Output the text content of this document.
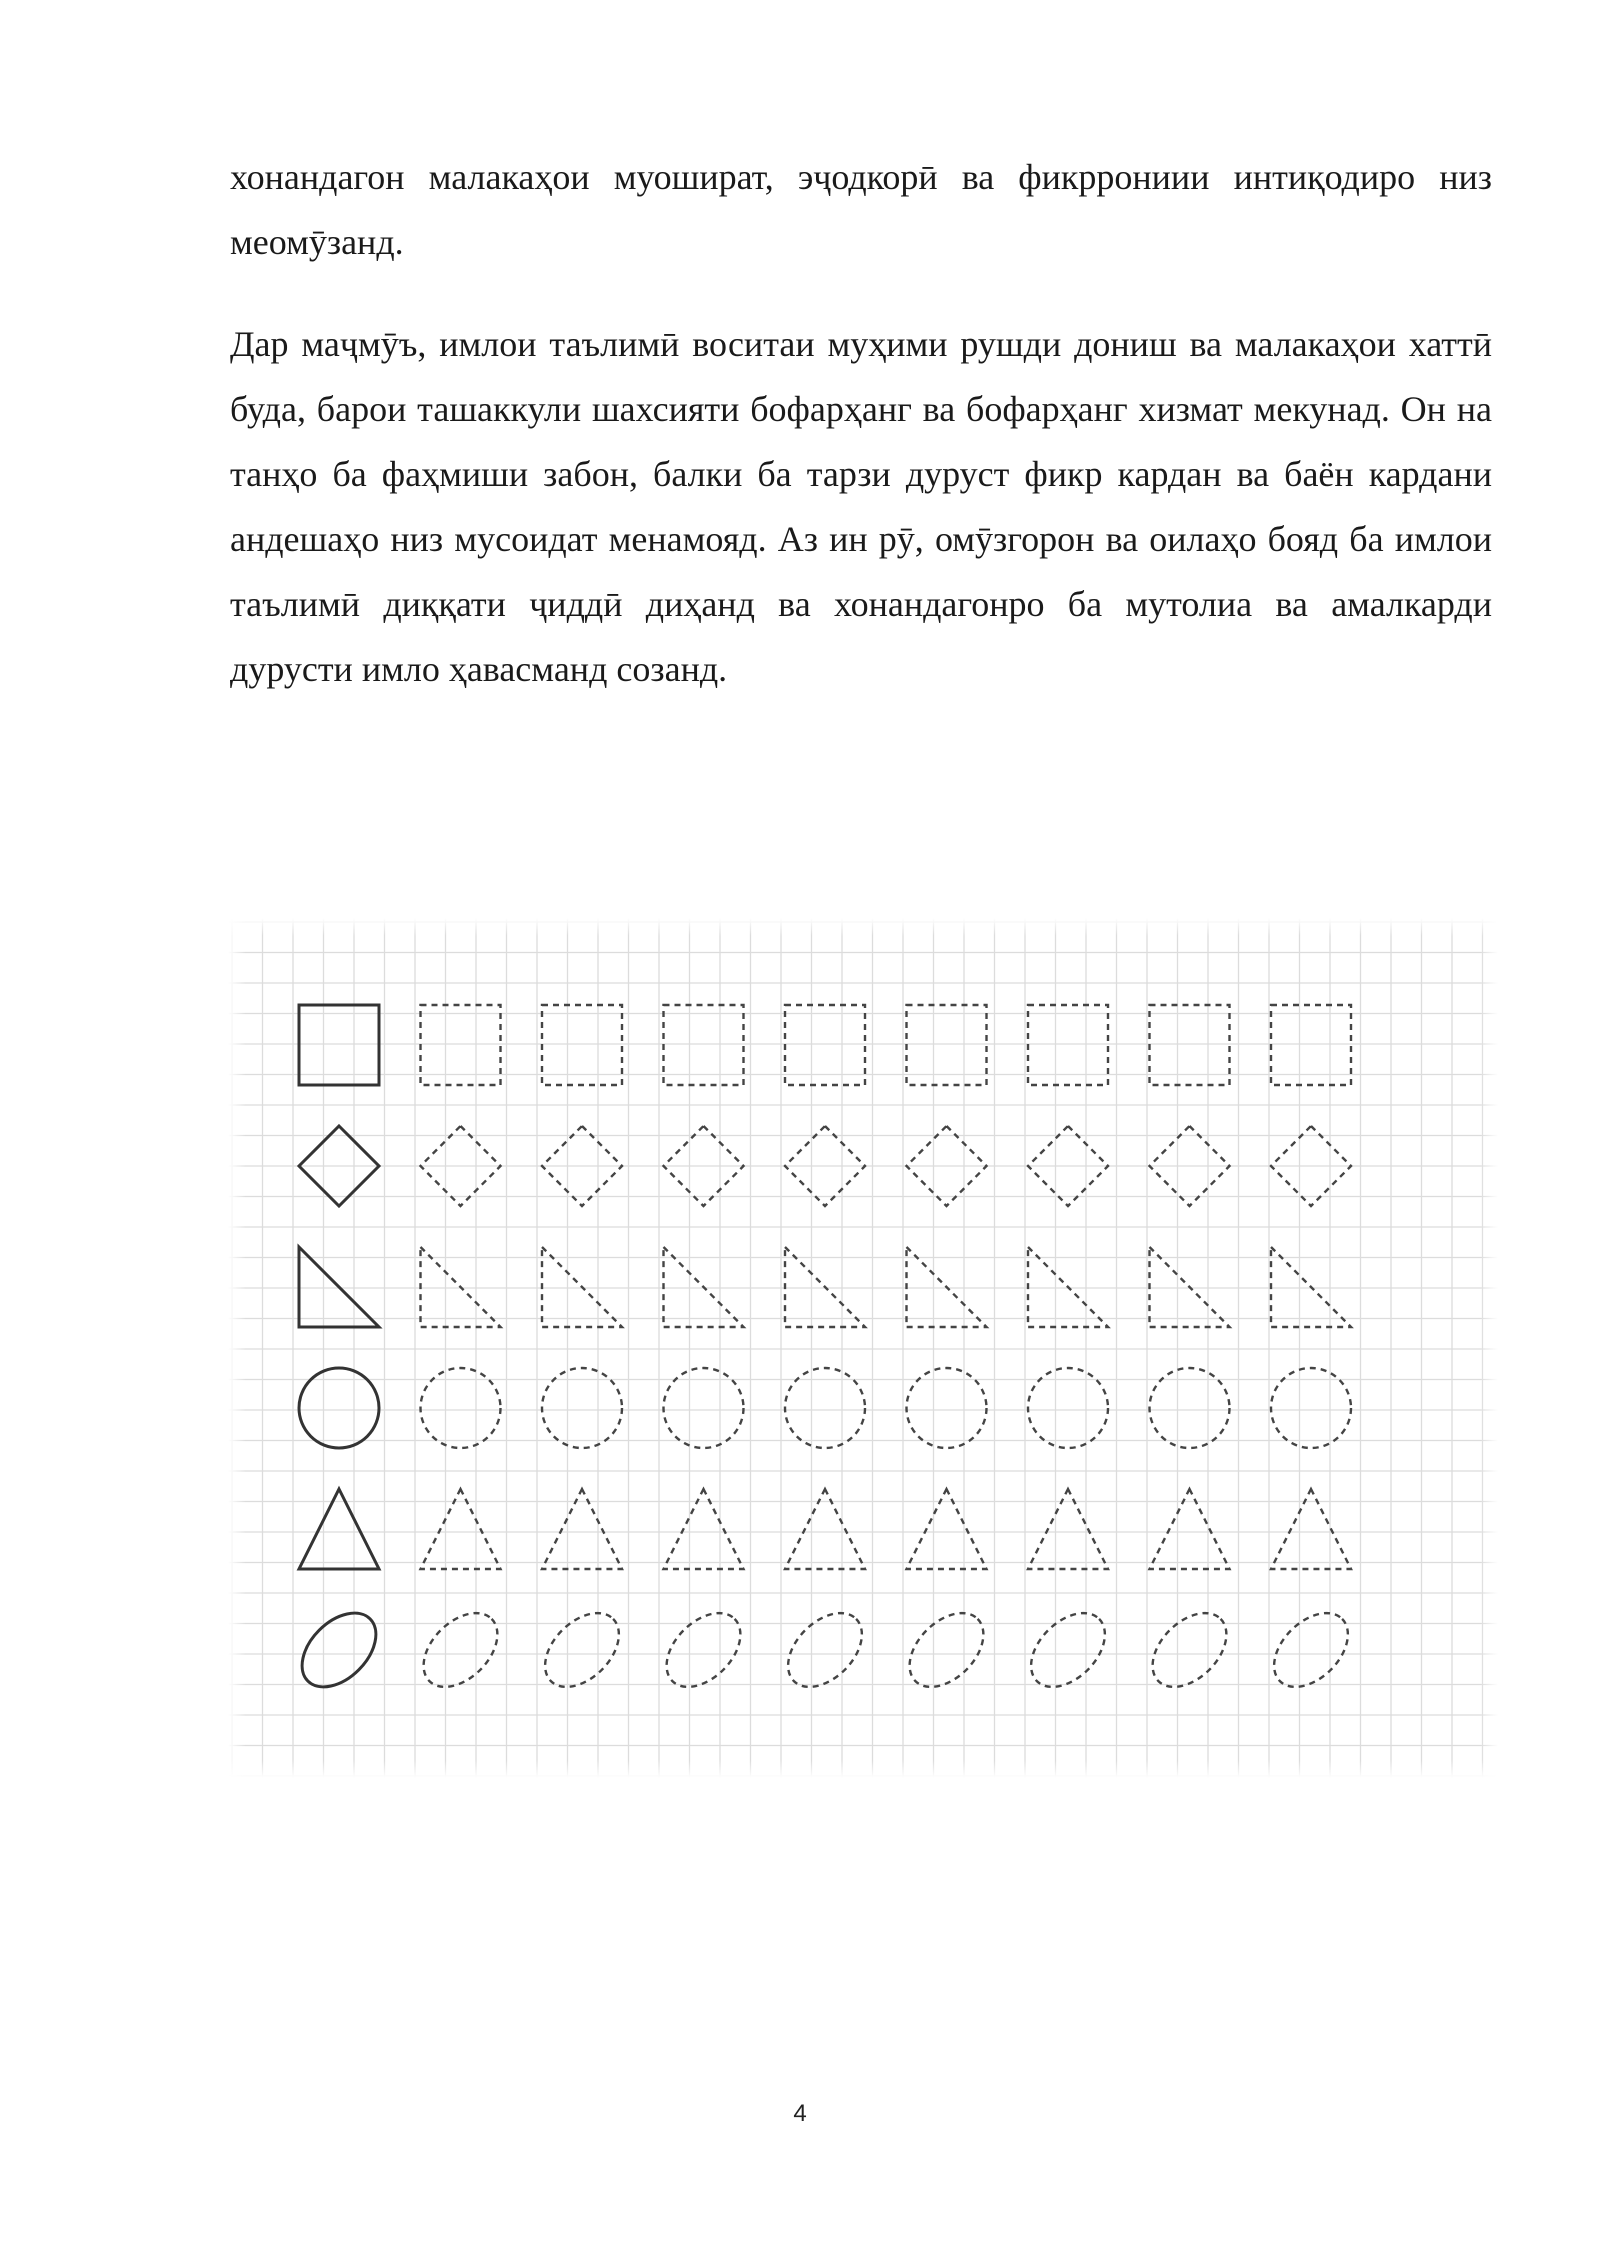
хонандагон малакаҳои муошират, эҷодкорӣ ва фикррониии интиқодиро низ меомӯзанд.

Дар маҷмӯъ, имлои таълимӣ воситаи муҳими рушди дониш ва малакаҳои хаттӣ буда, барои ташаккули шахсияти бофарҳанг ва бофарҳанг хизмат мекунад. Он на танҳо ба фаҳмиши забон, балки ба тарзи дуруст фикр кардан ва баён кардани андешаҳо низ мусоидат менамояд. Аз ин рӯ, омӯзгорон ва оилаҳо бояд ба имлои таълимӣ диққати ҷиддӣ диҳанд ва хонандагонро ба мутолиа ва амалкарди дурусти имло ҳавасманд созанд.

4
